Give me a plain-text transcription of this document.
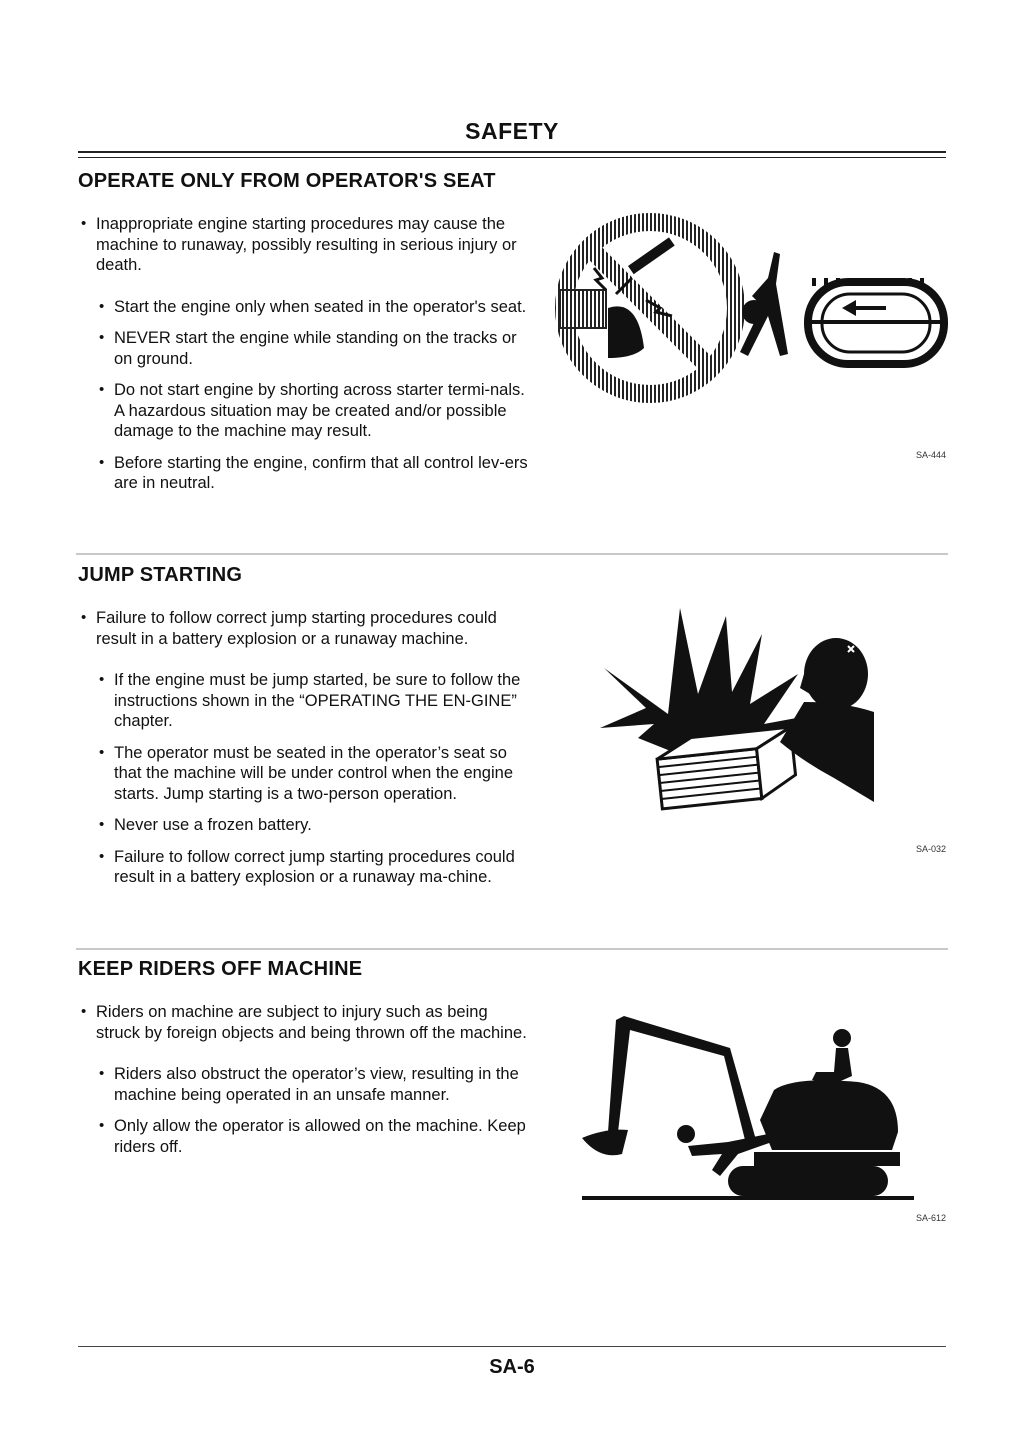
SAFETY
OPERATE ONLY FROM OPERATOR'S SEAT

• Inappropriate engine starting procedures may cause the machine to runaway, possibly resulting in serious injury or death.

• Start the engine only when seated in the operator's seat.
• NEVER start the engine while standing on the tracks or on ground.
• Do not start engine by shorting across starter termi-nals. A hazardous situation may be created and/or possible damage to the machine may result.
• Before starting the engine, confirm that all control lev-ers are in neutral.
SA-444
JUMP STARTING

• Failure to follow correct jump starting procedures could result in a battery explosion or a runaway machine.

• If the engine must be jump started, be sure to follow the instructions shown in the “OPERATING THE EN-GINE” chapter.
• The operator must be seated in the operator’s seat so that the machine will be under control when the engine starts. Jump starting is a two-person operation.
• Never use a frozen battery.
• Failure to follow correct jump starting procedures could result in a battery explosion or a runaway ma-chine.
SA-032
KEEP RIDERS OFF MACHINE

• Riders on machine are subject to injury such as being struck by foreign objects and being thrown off the machine.

• Riders also obstruct the operator’s view, resulting in the machine being operated in an unsafe manner.
• Only allow the operator is allowed on the machine. Keep riders off.
SA-612
SA-6
